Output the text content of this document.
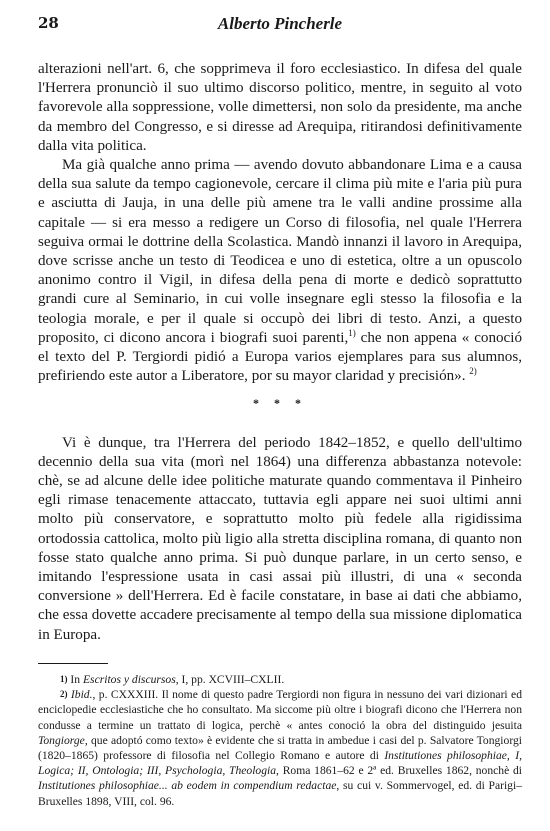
28	Alberto Pincherle

alterazioni nell'art. 6, che sopprimeva il foro ecclesiastico. In difesa del quale l'Herrera pronunciò il suo ultimo discorso politico, mentre, in seguito al voto favorevole alla soppressione, volle dimettersi, non solo da presidente, ma anche da membro del Congresso, e si diresse ad Arequipa, ritirandosi definitivamente dalla vita politica.

Ma già qualche anno prima — avendo dovuto abbandonare Lima e a causa della sua salute da tempo cagionevole, cercare il clima più mite e l'aria più pura e asciutta di Jauja, in una delle più amene tra le valli andine prossime alla capitale — si era messo a redigere un Corso di filosofia, nel quale l'Herrera seguiva ormai le dottrine della Scolastica. Mandò innanzi il lavoro in Arequipa, dove scrisse anche un testo di Teodicea e uno di estetica, oltre a un opuscolo anonimo contro il Vigil, in difesa della pena di morte e dedicò soprattutto grandi cure al Seminario, in cui volle insegnare egli stesso la filosofia e la teologia morale, e per il quale si occupò dei libri di testo. Anzi, a questo proposito, ci dicono ancora i biografi suoi parenti,$^{1)}$ che non appena « conoció el texto del P. Tergiordi pidió a Europa varios ejemplares para sus alumnos, prefiriendo este autor a Liberatore, por su mayor claridad y precisión». $^{2)}$

* * *

Vi è dunque, tra l'Herrera del periodo 1842–1852, e quello dell'ultimo decennio della sua vita (morì nel 1864) una differenza abbastanza notevole: chè, se ad alcune delle idee politiche maturate quando commentava il Pinheiro egli rimase tenacemente attaccato, tuttavia egli appare nei suoi ultimi anni molto più conservatore, e soprattutto molto più fedele alla rigidissima ortodossia cattolica, molto più ligio alla stretta disciplina romana, di quanto non fosse stato qualche anno prima. Si può dunque parlare, in un certo senso, e imitando l'espressione usata in casi assai più illustri, di una « seconda conversione » dell'Herrera. Ed è facile constatare, in base ai dati che abbiamo, che essa dovette accadere precisamente al tempo della sua missione diplomatica in Europa.

$^{1)}$ In Escritos y discursos, I, pp. XCVIII–CXLII.

$^{2)}$ Ibid., p. CXXXIII. Il nome di questo padre Tergiordi non figura in nessuno dei vari dizionari ed enciclopedie ecclesiastiche che ho consultato. Ma siccome più oltre i biografi dicono che l'Herrera non condusse a termine un trattato di logica, perchè « antes conoció la obra del distinguido jesuita Tongiorge, que adoptó como texto» è evidente che si tratta in ambedue i casi del p. Salvatore Tongiorgi (1820–1865) professore di filosofia nel Collegio Romano e autore di Institutiones philosophiae, I, Logica; II, Ontologia; III, Psychologia, Theologia, Roma 1861–62 e 2ª ed. Bruxelles 1862, nonchè di Institutiones philosophiae... ab eodem in compendium redactae, su cui v. Sommervogel, ed. di Parigi–Bruxelles 1898, VIII, col. 96.
